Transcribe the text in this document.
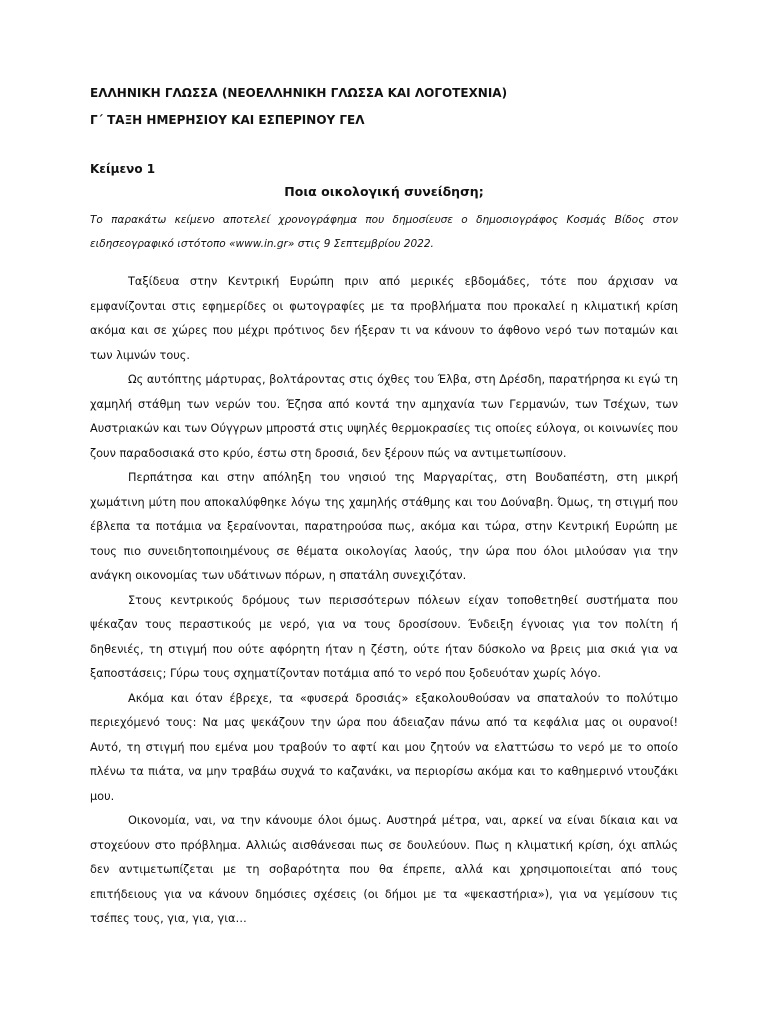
ΕΛΛΗΝΙΚΗ ΓΛΩΣΣΑ (ΝΕΟΕΛΛΗΝΙΚΗ ΓΛΩΣΣΑ ΚΑΙ ΛΟΓΟΤΕΧΝΙΑ)
Γ΄ ΤΑΞΗ ΗΜΕΡΗΣΙΟΥ ΚΑΙ ΕΣΠΕΡΙΝΟΥ ΓΕΛ
Κείμενο 1
Ποια οικολογική συνείδηση;
Το παρακάτω κείμενο αποτελεί χρονογράφημα που δημοσίευσε ο δημοσιογράφος Κοσμάς Βίδος στον ειδησεογραφικό ιστότοπο «www.in.gr» στις 9 Σεπτεμβρίου 2022.

Ταξίδευα στην Κεντρική Ευρώπη πριν από μερικές εβδομάδες, τότε που άρχισαν να εμφανίζονται στις εφημερίδες οι φωτογραφίες με τα προβλήματα που προκαλεί η κλιματική κρίση ακόμα και σε χώρες που μέχρι πρότινος δεν ήξεραν τι να κάνουν το άφθονο νερό των ποταμών και των λιμνών τους.

Ως αυτόπτης μάρτυρας, βολτάροντας στις όχθες του Έλβα, στη Δρέσδη, παρατήρησα κι εγώ τη χαμηλή στάθμη των νερών του. Έζησα από κοντά την αμηχανία των Γερμανών, των Τσέχων, των Αυστριακών και των Ούγγρων μπροστά στις υψηλές θερμοκρασίες τις οποίες εύλογα, οι κοινωνίες που ζουν παραδοσιακά στο κρύο, έστω στη δροσιά, δεν ξέρουν πώς να αντιμετωπίσουν.

Περπάτησα και στην απόληξη του νησιού της Μαργαρίτας, στη Βουδαπέστη, στη μικρή χωμάτινη μύτη που αποκαλύφθηκε λόγω της χαμηλής στάθμης και του Δούναβη. Όμως, τη στιγμή που έβλεπα τα ποτάμια να ξεραίνονται, παρατηρούσα πως, ακόμα και τώρα, στην Κεντρική Ευρώπη με τους πιο συνειδητοποιημένους σε θέματα οικολογίας λαούς, την ώρα που όλοι μιλούσαν για την ανάγκη οικονομίας των υδάτινων πόρων, η σπατάλη συνεχιζόταν.

Στους κεντρικούς δρόμους των περισσότερων πόλεων είχαν τοποθετηθεί συστήματα που ψέκαζαν τους περαστικούς με νερό, για να τους δροσίσουν. Ένδειξη έγνοιας για τον πολίτη ή δηθενιές, τη στιγμή που ούτε αφόρητη ήταν η ζέστη, ούτε ήταν δύσκολο να βρεις μια σκιά για να ξαποστάσεις; Γύρω τους σχηματίζονταν ποτάμια από το νερό που ξοδευόταν χωρίς λόγο.

Ακόμα και όταν έβρεχε, τα «φυσερά δροσιάς» εξακολουθούσαν να σπαταλούν το πολύτιμο περιεχόμενό τους: Να μας ψεκάζουν την ώρα που άδειαζαν πάνω από τα κεφάλια μας οι ουρανοί! Αυτό, τη στιγμή που εμένα μου τραβούν το αφτί και μου ζητούν να ελαττώσω το νερό με το οποίο πλένω τα πιάτα, να μην τραβάω συχνά το καζανάκι, να περιορίσω ακόμα και το καθημερινό ντουζάκι μου.

Οικονομία, ναι, να την κάνουμε όλοι όμως. Αυστηρά μέτρα, ναι, αρκεί να είναι δίκαια και να στοχεύουν στο πρόβλημα. Αλλιώς αισθάνεσαι πως σε δουλεύουν. Πως η κλιματική κρίση, όχι απλώς δεν αντιμετωπίζεται με τη σοβαρότητα που θα έπρεπε, αλλά και χρησιμοποιείται από τους επιτήδειους για να κάνουν δημόσιες σχέσεις (οι δήμοι με τα «ψεκαστήρια»), για να γεμίσουν τις τσέπες τους, για, για, για…
